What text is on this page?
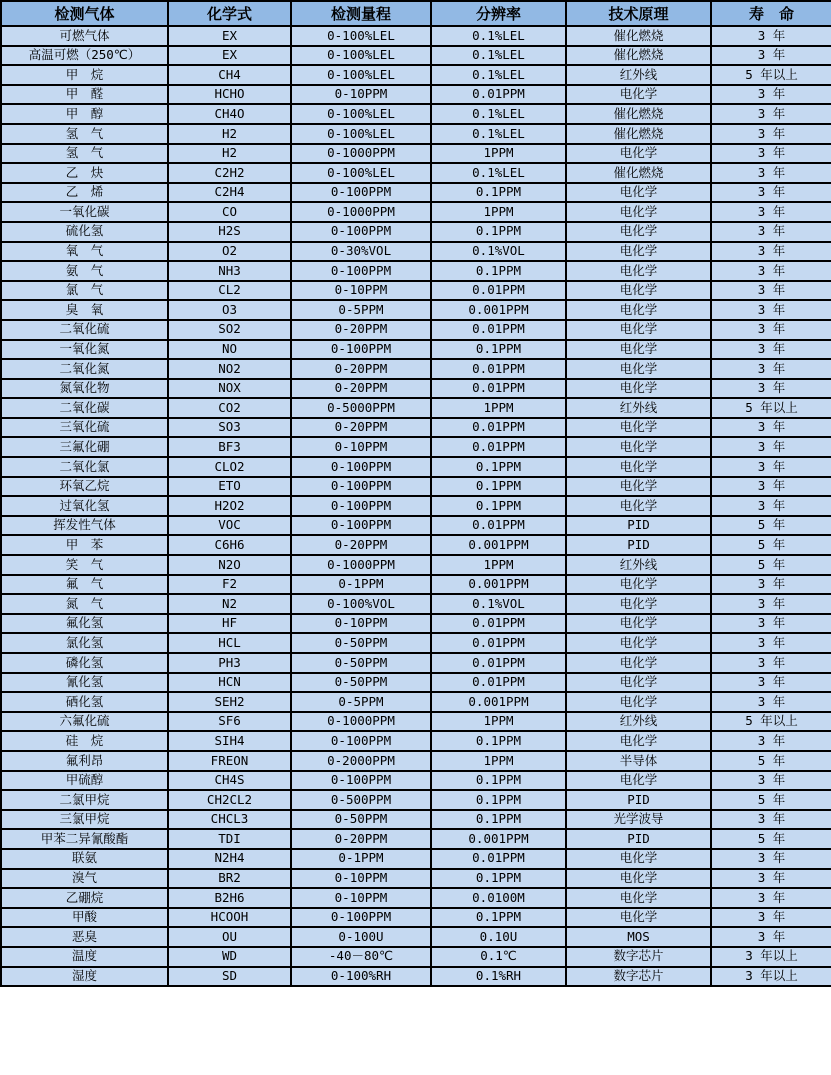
检测气体	化学式	检测量程	分辨率	技术原理	寿　命
可燃气体	EX	0-100%LEL	0.1%LEL	催化燃烧	3 年
高温可燃（250℃）	EX	0-100%LEL	0.1%LEL	催化燃烧	3 年
甲　烷	CH4	0-100%LEL	0.1%LEL	红外线	5 年以上
甲　醛	HCHO	0-10PPM	0.01PPM	电化学	3 年
甲　醇	CH4O	0-100%LEL	0.1%LEL	催化燃烧	3 年
氢　气	H2	0-100%LEL	0.1%LEL	催化燃烧	3 年
氢　气	H2	0-1000PPM	1PPM	电化学	3 年
乙　炔	C2H2	0-100%LEL	0.1%LEL	催化燃烧	3 年
乙　烯	C2H4	0-100PPM	0.1PPM	电化学	3 年
一氧化碳	CO	0-1000PPM	1PPM	电化学	3 年
硫化氢	H2S	0-100PPM	0.1PPM	电化学	3 年
氧　气	O2	0-30%VOL	0.1%VOL	电化学	3 年
氨　气	NH3	0-100PPM	0.1PPM	电化学	3 年
氯　气	CL2	0-10PPM	0.01PPM	电化学	3 年
臭　氧	O3	0-5PPM	0.001PPM	电化学	3 年
二氧化硫	SO2	0-20PPM	0.01PPM	电化学	3 年
一氧化氮	NO	0-100PPM	0.1PPM	电化学	3 年
二氧化氮	NO2	0-20PPM	0.01PPM	电化学	3 年
氮氧化物	NOX	0-20PPM	0.01PPM	电化学	3 年
二氧化碳	CO2	0-5000PPM	1PPM	红外线	5 年以上
三氧化硫	SO3	0-20PPM	0.01PPM	电化学	3 年
三氟化硼	BF3	0-10PPM	0.01PPM	电化学	3 年
二氧化氯	CLO2	0-100PPM	0.1PPM	电化学	3 年
环氧乙烷	ETO	0-100PPM	0.1PPM	电化学	3 年
过氧化氢	H2O2	0-100PPM	0.1PPM	电化学	3 年
挥发性气体	VOC	0-100PPM	0.01PPM	PID	5 年
甲　苯	C6H6	0-20PPM	0.001PPM	PID	5 年
笑　气	N2O	0-1000PPM	1PPM	红外线	5 年
氟　气	F2	0-1PPM	0.001PPM	电化学	3 年
氮　气	N2	0-100%VOL	0.1%VOL	电化学	3 年
氟化氢	HF	0-10PPM	0.01PPM	电化学	3 年
氯化氢	HCL	0-50PPM	0.01PPM	电化学	3 年
磷化氢	PH3	0-50PPM	0.01PPM	电化学	3 年
氰化氢	HCN	0-50PPM	0.01PPM	电化学	3 年
硒化氢	SEH2	0-5PPM	0.001PPM	电化学	3 年
六氟化硫	SF6	0-1000PPM	1PPM	红外线	5 年以上
硅　烷	SIH4	0-100PPM	0.1PPM	电化学	3 年
氟利昂	FREON	0-2000PPM	1PPM	半导体	5 年
甲硫醇	CH4S	0-100PPM	0.1PPM	电化学	3 年
二氯甲烷	CH2CL2	0-500PPM	0.1PPM	PID	5 年
三氯甲烷	CHCL3	0-50PPM	0.1PPM	光学波导	3 年
甲苯二异氰酸酯	TDI	0-20PPM	0.001PPM	PID	5 年
联氨	N2H4	0-1PPM	0.01PPM	电化学	3 年
溴气	BR2	0-10PPM	0.1PPM	电化学	3 年
乙硼烷	B2H6	0-10PPM	0.0100M	电化学	3 年
甲酸	HCOOH	0-100PPM	0.1PPM	电化学	3 年
恶臭	OU	0-100U	0.10U	MOS	3 年
温度	WD	-40－80℃	0.1℃	数字芯片	3 年以上
湿度	SD	0-100%RH	0.1%RH	数字芯片	3 年以上
